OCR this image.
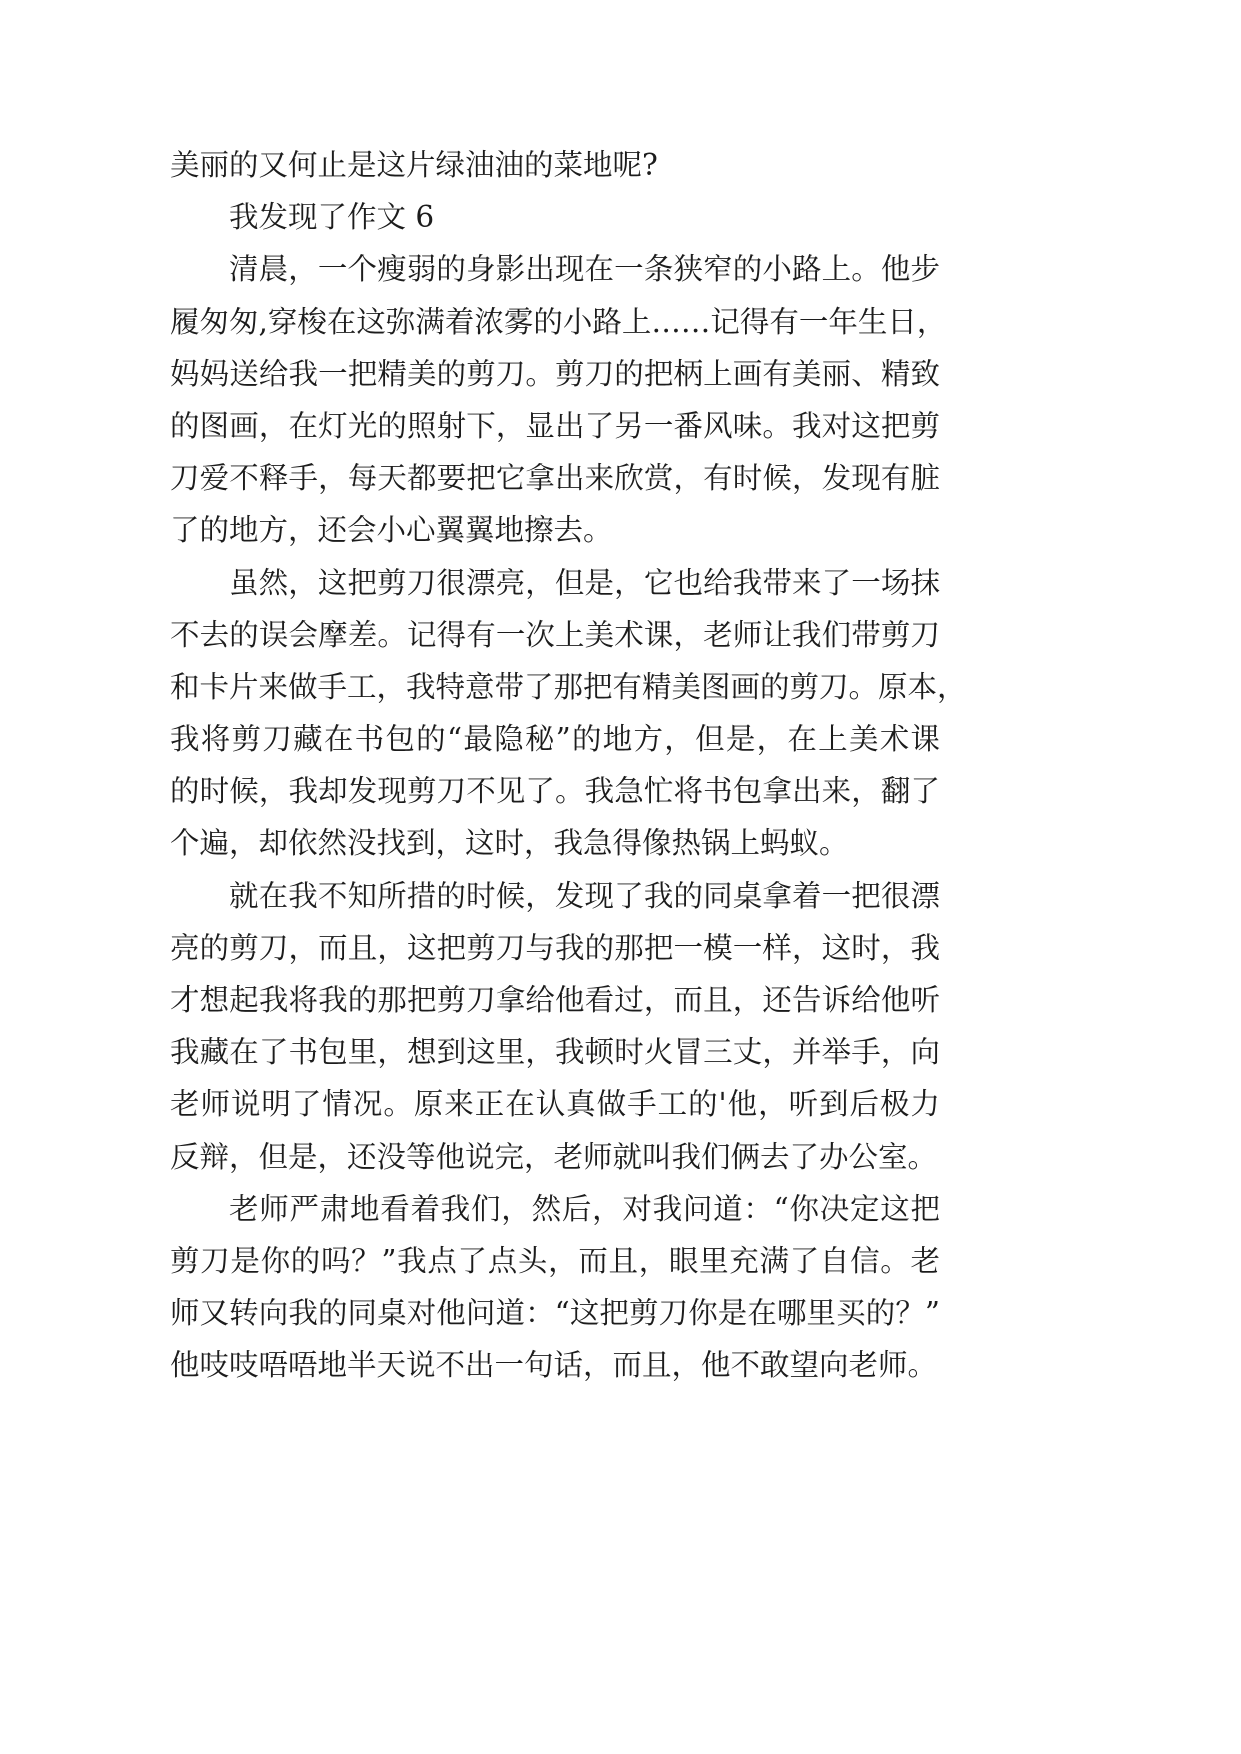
美丽的又何止是这片绿油油的菜地呢?
我发现了作文 6
清晨，一个瘦弱的身影出现在一条狭窄的小路上。他步
履匆匆,穿梭在这弥满着浓雾的小路上……记得有一年生日，
妈妈送给我一把精美的剪刀。剪刀的把柄上画有美丽、精致
的图画，在灯光的照射下，显出了另一番风味。我对这把剪
刀爱不释手，每天都要把它拿出来欣赏，有时候，发现有脏
了的地方，还会小心翼翼地擦去。
虽然，这把剪刀很漂亮，但是，它也给我带来了一场抹
不去的误会摩差。记得有一次上美术课，老师让我们带剪刀
和卡片来做手工，我特意带了那把有精美图画的剪刀。原本，
我将剪刀藏在书包的“最隐秘”的地方，但是，在上美术课
的时候，我却发现剪刀不见了。我急忙将书包拿出来，翻了
个遍，却依然没找到，这时，我急得像热锅上蚂蚁。
就在我不知所措的时候，发现了我的同桌拿着一把很漂
亮的剪刀，而且，这把剪刀与我的那把一模一样，这时，我
才想起我将我的那把剪刀拿给他看过，而且，还告诉给他听
我藏在了书包里，想到这里，我顿时火冒三丈，并举手，向
老师说明了情况。原来正在认真做手工的'他，听到后极力
反辩，但是，还没等他说完，老师就叫我们俩去了办公室。
老师严肃地看着我们，然后，对我问道：“你决定这把
剪刀是你的吗？”我点了点头，而且，眼里充满了自信。老
师又转向我的同桌对他问道：“这把剪刀你是在哪里买的？”
他吱吱唔唔地半天说不出一句话，而且，他不敢望向老师。
